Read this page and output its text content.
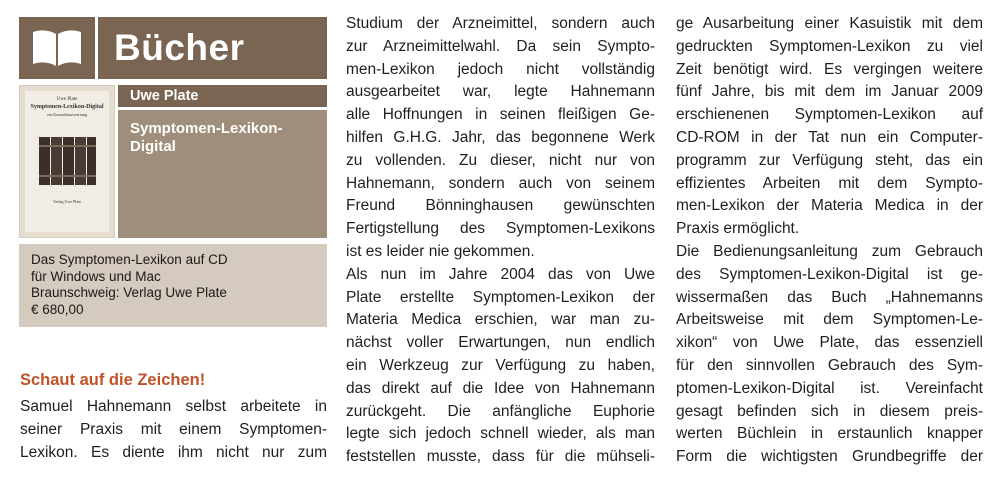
Bücher
Uwe Plate
Symptomen-Lexikon-Digital
zur Kasuistikauswertung
Verlag Uwe Plate
Uwe Plate
Symptomen-Lexikon-
Digital
Das Symptomen-Lexikon auf CD
für Windows und Mac
Braunschweig: Verlag Uwe Plate
€ 680,00
Schaut auf die Zeichen!
Samuel Hahnemann selbst arbeitete in
seiner Praxis mit einem Symptomen-
Lexikon. Es diente ihm nicht nur zum
Studium der Arzneimittel, sondern auch
zur Arzneimittelwahl. Da sein Sympto-
men-Lexikon jedoch nicht vollständig
ausgearbeitet war, legte Hahnemann
alle Hoffnungen in seinen fleißigen Ge-
hilfen G.H.G. Jahr, das begonnene Werk
zu vollenden. Zu dieser, nicht nur von
Hahnemann, sondern auch von seinem
Freund Bönninghausen gewünschten
Fertigstellung des Symptomen-Lexikons
ist es leider nie gekommen.
Als nun im Jahre 2004 das von Uwe
Plate erstellte Symptomen-Lexikon der
Materia Medica erschien, war man zu-
nächst voller Erwartungen, nun endlich
ein Werkzeug zur Verfügung zu haben,
das direkt auf die Idee von Hahnemann
zurückgeht. Die anfängliche Euphorie
legte sich jedoch schnell wieder, als man
feststellen musste, dass für die mühseli-
ge Ausarbeitung einer Kasuistik mit dem
gedruckten Symptomen-Lexikon zu viel
Zeit benötigt wird. Es vergingen weitere
fünf Jahre, bis mit dem im Januar 2009
erschienenen Symptomen-Lexikon auf
CD-ROM in der Tat nun ein Computer-
programm zur Verfügung steht, das ein
effizientes Arbeiten mit dem Sympto-
men-Lexikon der Materia Medica in der
Praxis ermöglicht.
Die Bedienungsanleitung zum Gebrauch
des Symptomen-Lexikon-Digital ist ge-
wissermaßen das Buch „Hahnemanns
Arbeitsweise mit dem Symptomen-Le-
xikon“ von Uwe Plate, das essenziell
für den sinnvollen Gebrauch des Sym-
ptomen-Lexikon-Digital ist. Vereinfacht
gesagt befinden sich in diesem preis-
werten Büchlein in erstaunlich knapper
Form die wichtigsten Grundbegriffe der
